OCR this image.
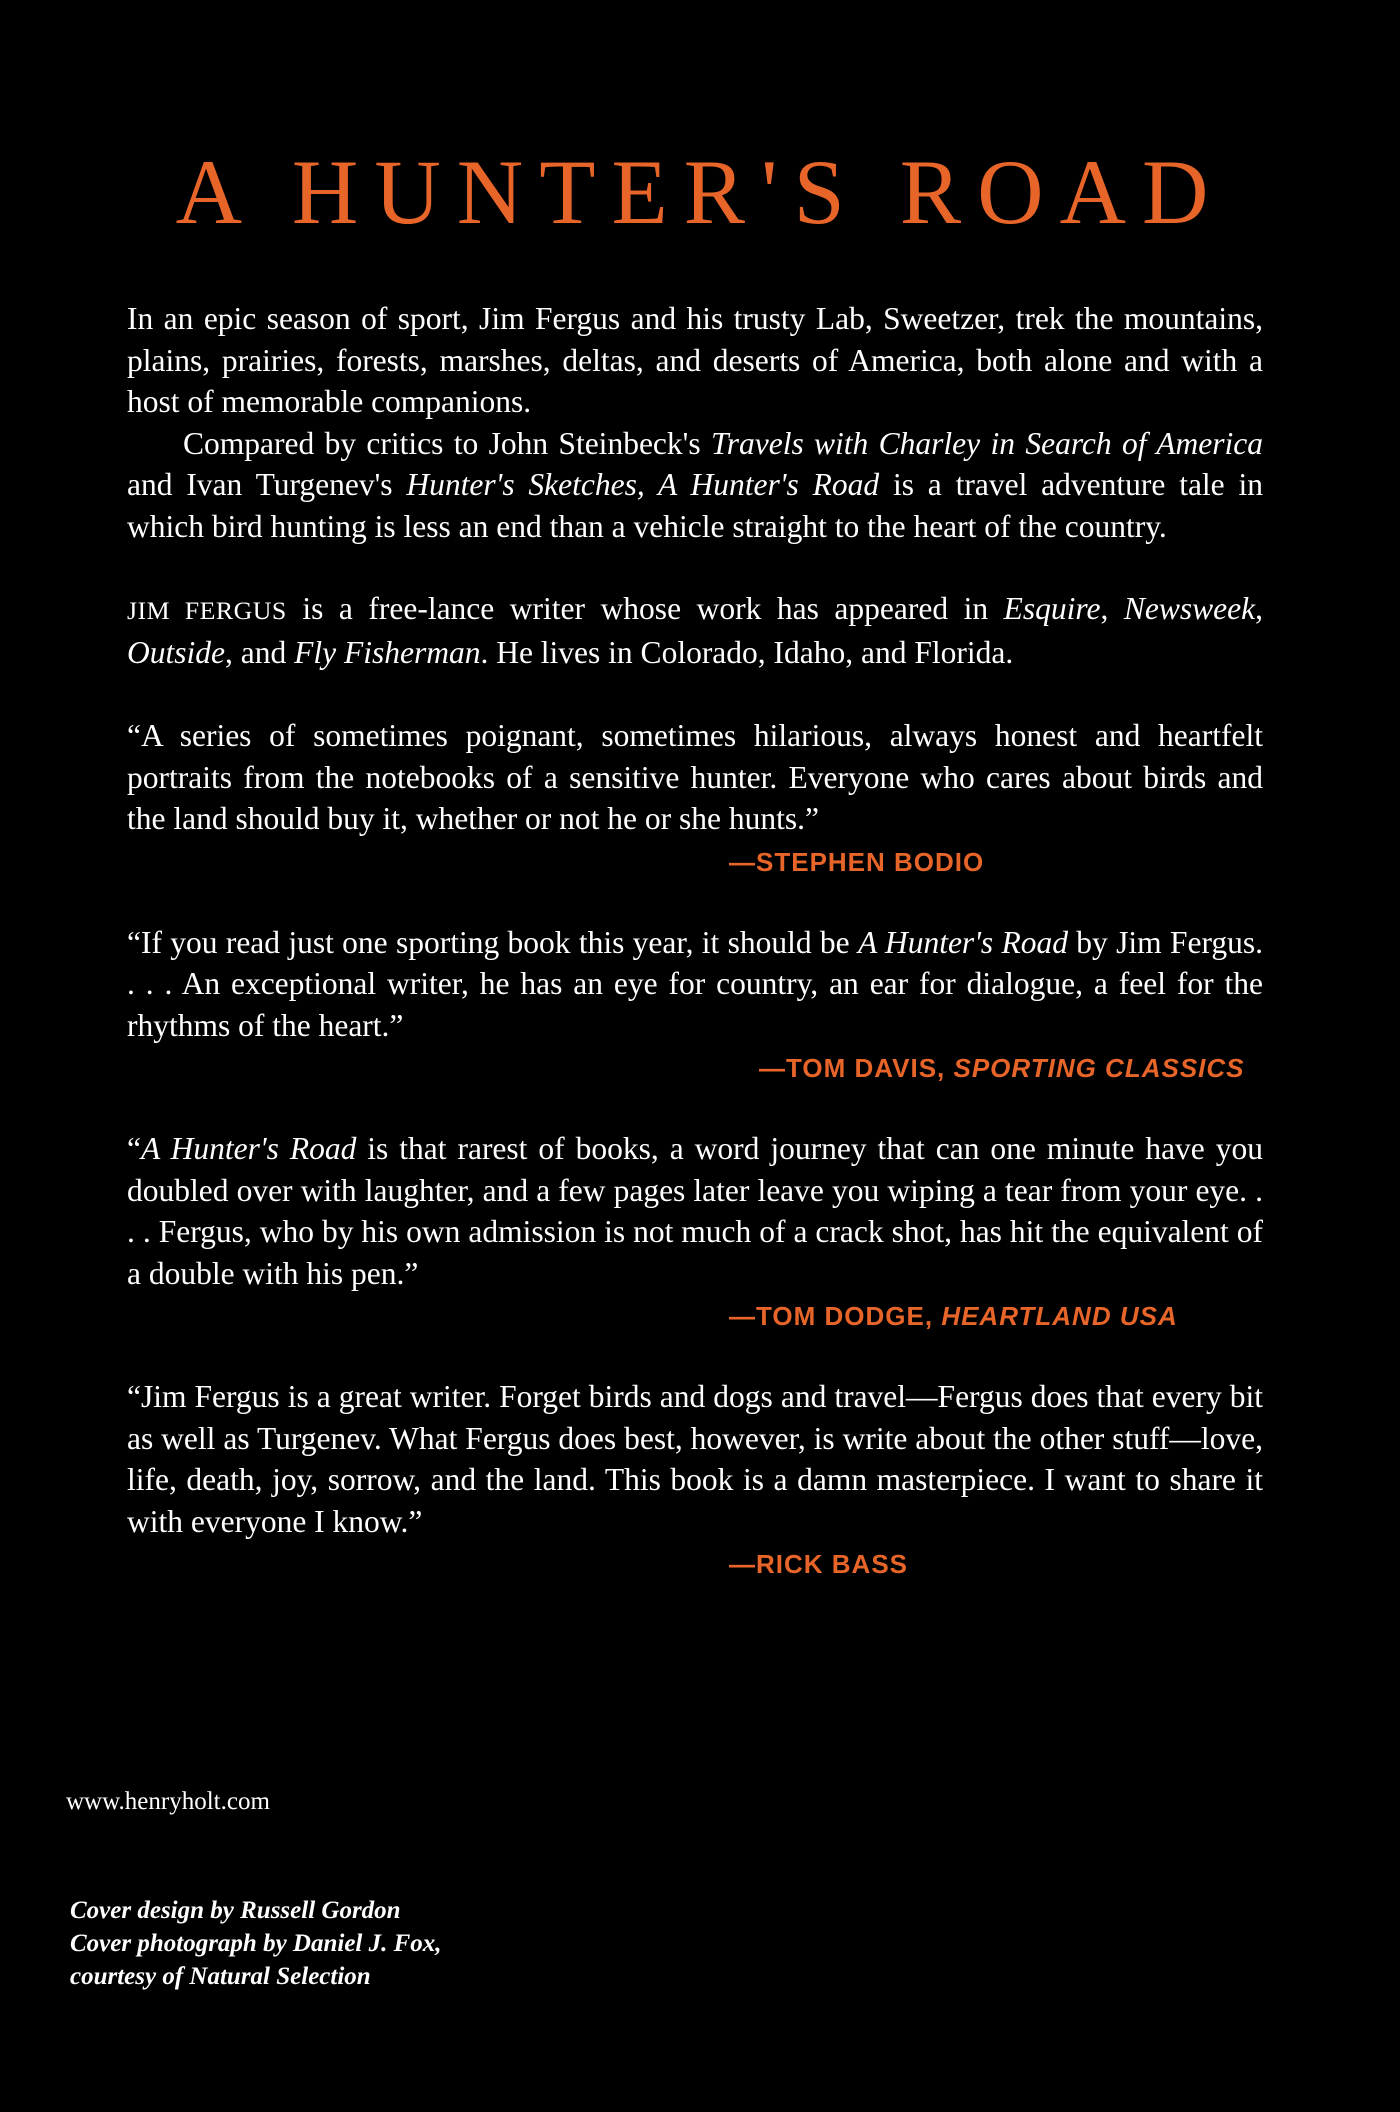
A HUNTER'S ROAD

In an epic season of sport, Jim Fergus and his trusty Lab, Sweetzer, trek the mountains, plains, prairies, forests, marshes, deltas, and deserts of America, both alone and with a host of memorable companions.

Compared by critics to John Steinbeck's Travels with Charley in Search of America and Ivan Turgenev's Hunter's Sketches, A Hunter's Road is a travel adventure tale in which bird hunting is less an end than a vehicle straight to the heart of the country.

JIM FERGUS is a free-lance writer whose work has appeared in Esquire, Newsweek, Outside, and Fly Fisherman. He lives in Colorado, Idaho, and Florida.

“A series of sometimes poignant, sometimes hilarious, always honest and heartfelt portraits from the notebooks of a sensitive hunter. Everyone who cares about birds and the land should buy it, whether or not he or she hunts.”

—STEPHEN BODIO

“If you read just one sporting book this year, it should be A Hunter's Road by Jim Fergus. . . . An exceptional writer, he has an eye for country, an ear for dialogue, a feel for the rhythms of the heart.”

—TOM DAVIS, SPORTING CLASSICS

“A Hunter's Road is that rarest of books, a word journey that can one minute have you doubled over with laughter, and a few pages later leave you wiping a tear from your eye. . . . Fergus, who by his own admission is not much of a crack shot, has hit the equivalent of a double with his pen.”

—TOM DODGE, HEARTLAND USA

“Jim Fergus is a great writer. Forget birds and dogs and travel—Fergus does that every bit as well as Turgenev. What Fergus does best, however, is write about the other stuff—love, life, death, joy, sorrow, and the land. This book is a damn masterpiece. I want to share it with everyone I know.”

—RICK BASS
www.henryholt.com
Cover design by Russell Gordon
Cover photograph by Daniel J. Fox,
courtesy of Natural Selection
